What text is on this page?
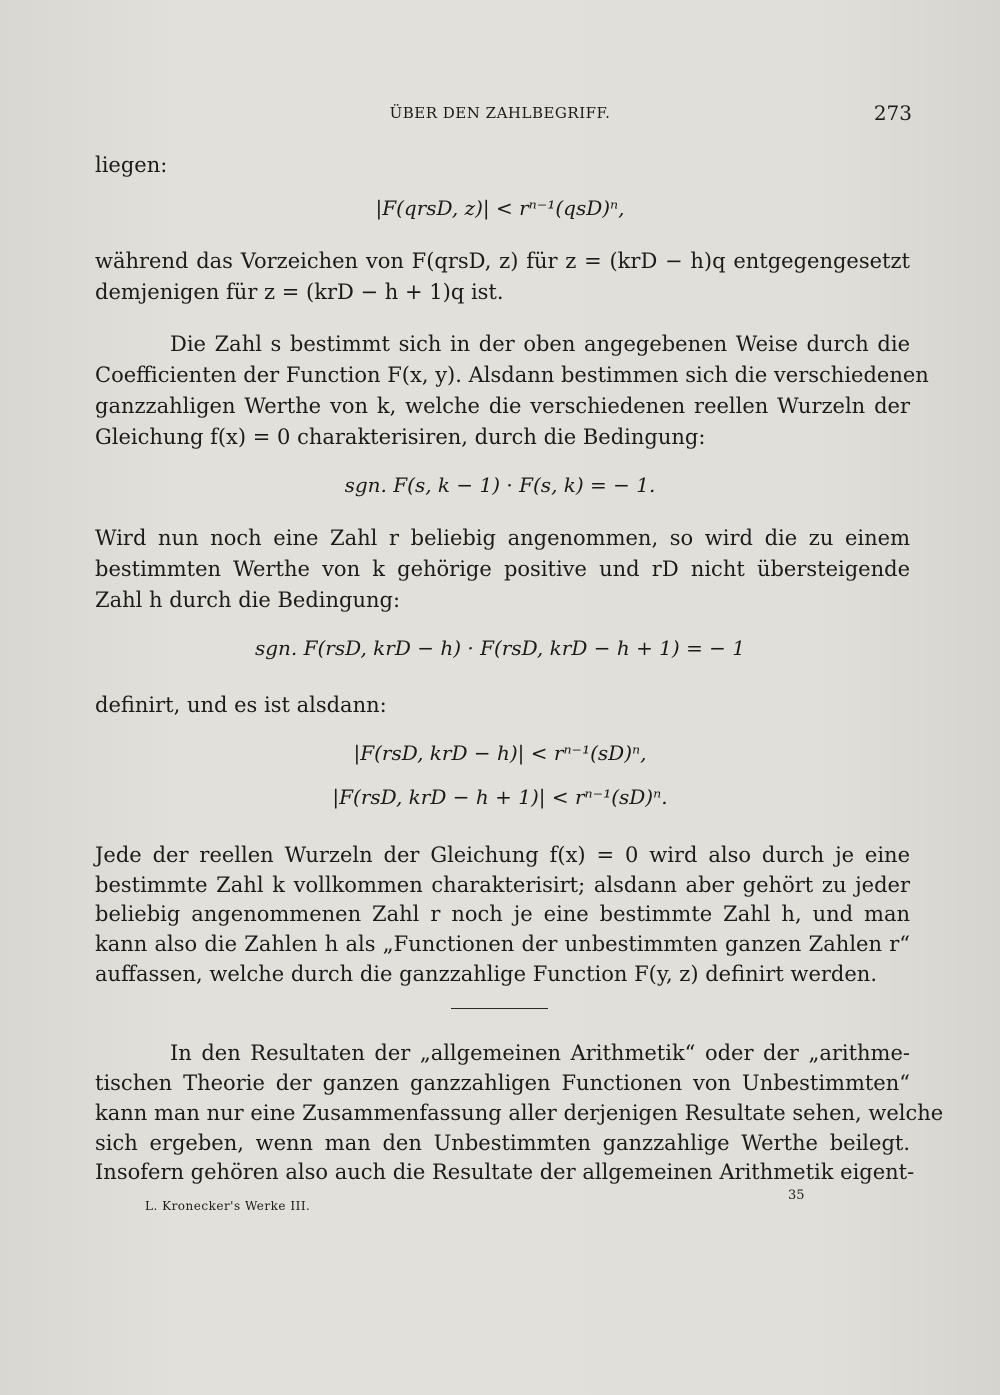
ÜBER DEN ZAHLBEGRIFF.	273
liegen:
|F(qrsD, z)| < rⁿ⁻¹(qsD)ⁿ,
während das Vorzeichen von F(qrsD, z) für z = (krD − h)q entgegengesetzt
demjenigen für z = (krD − h + 1)q ist.
Die Zahl s bestimmt sich in der oben angegebenen Weise durch die
Coefficienten der Function F(x, y). Alsdann bestimmen sich die verschiedenen
ganzzahligen Werthe von k, welche die verschiedenen reellen Wurzeln der
Gleichung f(x) = 0 charakterisiren, durch die Bedingung:
sgn. F(s, k − 1) · F(s, k) = − 1.
Wird nun noch eine Zahl r beliebig angenommen, so wird die zu einem
bestimmten Werthe von k gehörige positive und rD nicht übersteigende
Zahl h durch die Bedingung:
sgn. F(rsD, krD − h) · F(rsD, krD − h + 1) = − 1
definirt, und es ist alsdann:
|F(rsD, krD − h)| < rⁿ⁻¹(sD)ⁿ,
|F(rsD, krD − h + 1)| < rⁿ⁻¹(sD)ⁿ.
Jede der reellen Wurzeln der Gleichung f(x) = 0 wird also durch je eine
bestimmte Zahl k vollkommen charakterisirt; alsdann aber gehört zu jeder
beliebig angenommenen Zahl r noch je eine bestimmte Zahl h, und man
kann also die Zahlen h als „Functionen der unbestimmten ganzen Zahlen r“
auffassen, welche durch die ganzzahlige Function F(y, z) definirt werden.
In den Resultaten der „allgemeinen Arithmetik“ oder der „arithme-
tischen Theorie der ganzen ganzzahligen Functionen von Unbestimmten“
kann man nur eine Zusammenfassung aller derjenigen Resultate sehen, welche
sich ergeben, wenn man den Unbestimmten ganzzahlige Werthe beilegt.
Insofern gehören also auch die Resultate der allgemeinen Arithmetik eigent-
L. Kronecker's Werke III.
35
